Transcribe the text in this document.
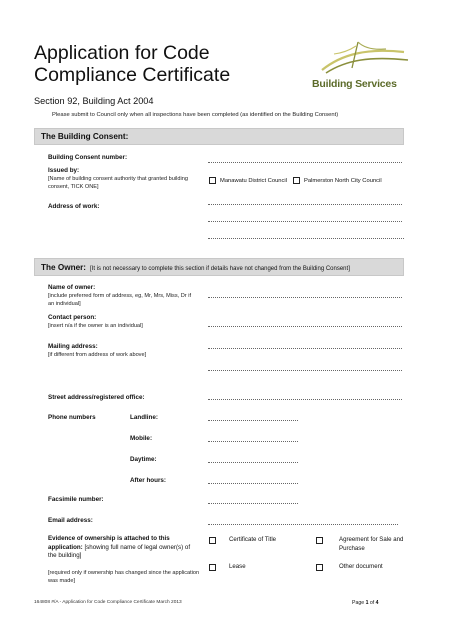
Application for Code
Compliance Certificate	Building Services
Section 92, Building Act 2004
Please submit to Council only when all inspections have been completed (as identified on the Building Consent)
The Building Consent:
Building Consent number:
Issued by:
[Name of building consent authority that granted building consent, TICK ONE]
Manawatu District Council	Palmerston North City Council
Address of work:
The Owner: [It is not necessary to complete this section if details have not changed from the Building Consent]
Name of owner:
[include preferred form of address, eg, Mr, Mrs, Miss, Dr if an individual]
Contact person:
[insert n/a if the owner is an individual]
Mailing address:
[if different from address of work above]
Street address/registered office:
Phone numbers	Landline:
Mobile:
Daytime:
After hours:
Facsimile number:
Email address:
Evidence of ownership is attached to this application: [showing full name of legal owner(s) of the building]
[required only if ownership has changed since the application was made]
Certificate of Title	Agreement for Sale and Purchase
Lease	Other document
164808 #/A - Application for Code Compliance Certificate March 2013	Page 1 of 4
